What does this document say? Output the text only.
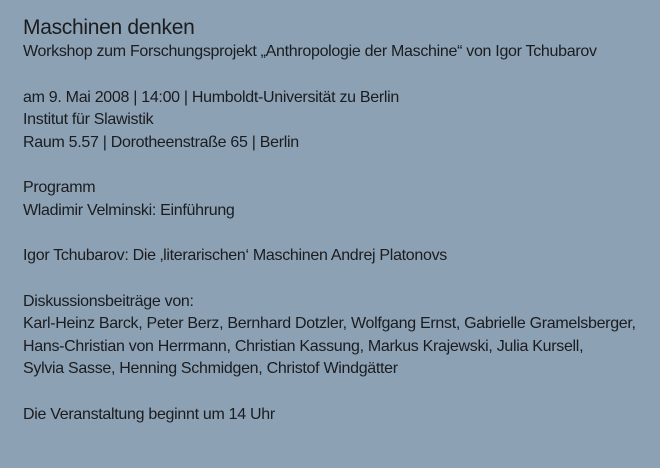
Maschinen denken

Workshop zum Forschungsprojekt „Anthropologie der Maschine“ von Igor Tchubarov

am 9. Mai 2008 | 14:00 | Humboldt-Universität zu Berlin

Institut für Slawistik

Raum 5.57 | Dorotheenstraße 65 | Berlin

Programm

Wladimir Velminski: Einführung

Igor Tchubarov: Die ‚literarischen‘ Maschinen Andrej Platonovs

Diskussionsbeiträge von:

Karl-Heinz Barck, Peter Berz, Bernhard Dotzler, Wolfgang Ernst, Gabrielle Gramelsberger,

Hans-Christian von Herrmann, Christian Kassung, Markus Krajewski, Julia Kursell,

Sylvia Sasse, Henning Schmidgen, Christof Windgätter

Die Veranstaltung beginnt um 14 Uhr
